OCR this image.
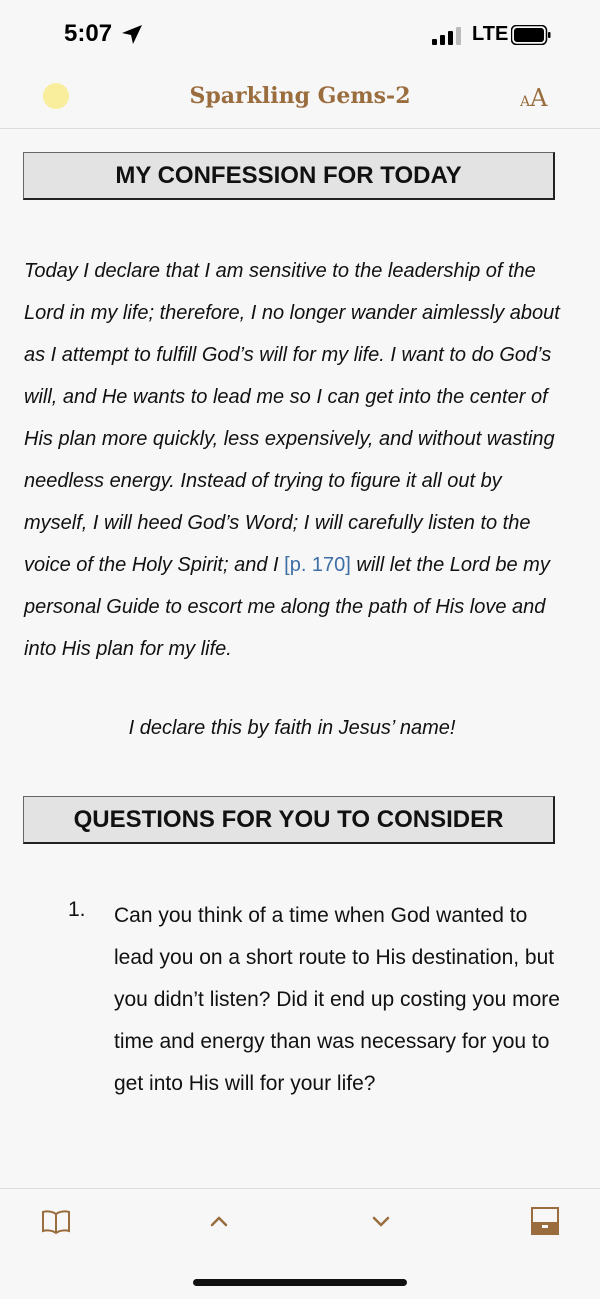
5:07	LTE
Sparkling Gems-2	AA
MY CONFESSION FOR TODAY
Today I declare that I am sensitive to the leadership of the Lord in my life; therefore, I no longer wander aimlessly about as I attempt to fulfill God’s will for my life. I want to do God’s will, and He wants to lead me so I can get into the center of His plan more quickly, less expensively, and without wasting needless energy. Instead of trying to figure it all out by myself, I will heed God’s Word; I will carefully listen to the voice of the Holy Spirit; and I [p. 170] will let the Lord be my personal Guide to escort me along the path of His love and into His plan for my life.
I declare this by faith in Jesus’ name!
QUESTIONS FOR YOU TO CONSIDER
1. Can you think of a time when God wanted to lead you on a short route to His destination, but you didn’t listen? Did it end up costing you more time and energy than was necessary for you to get into His will for your life?
